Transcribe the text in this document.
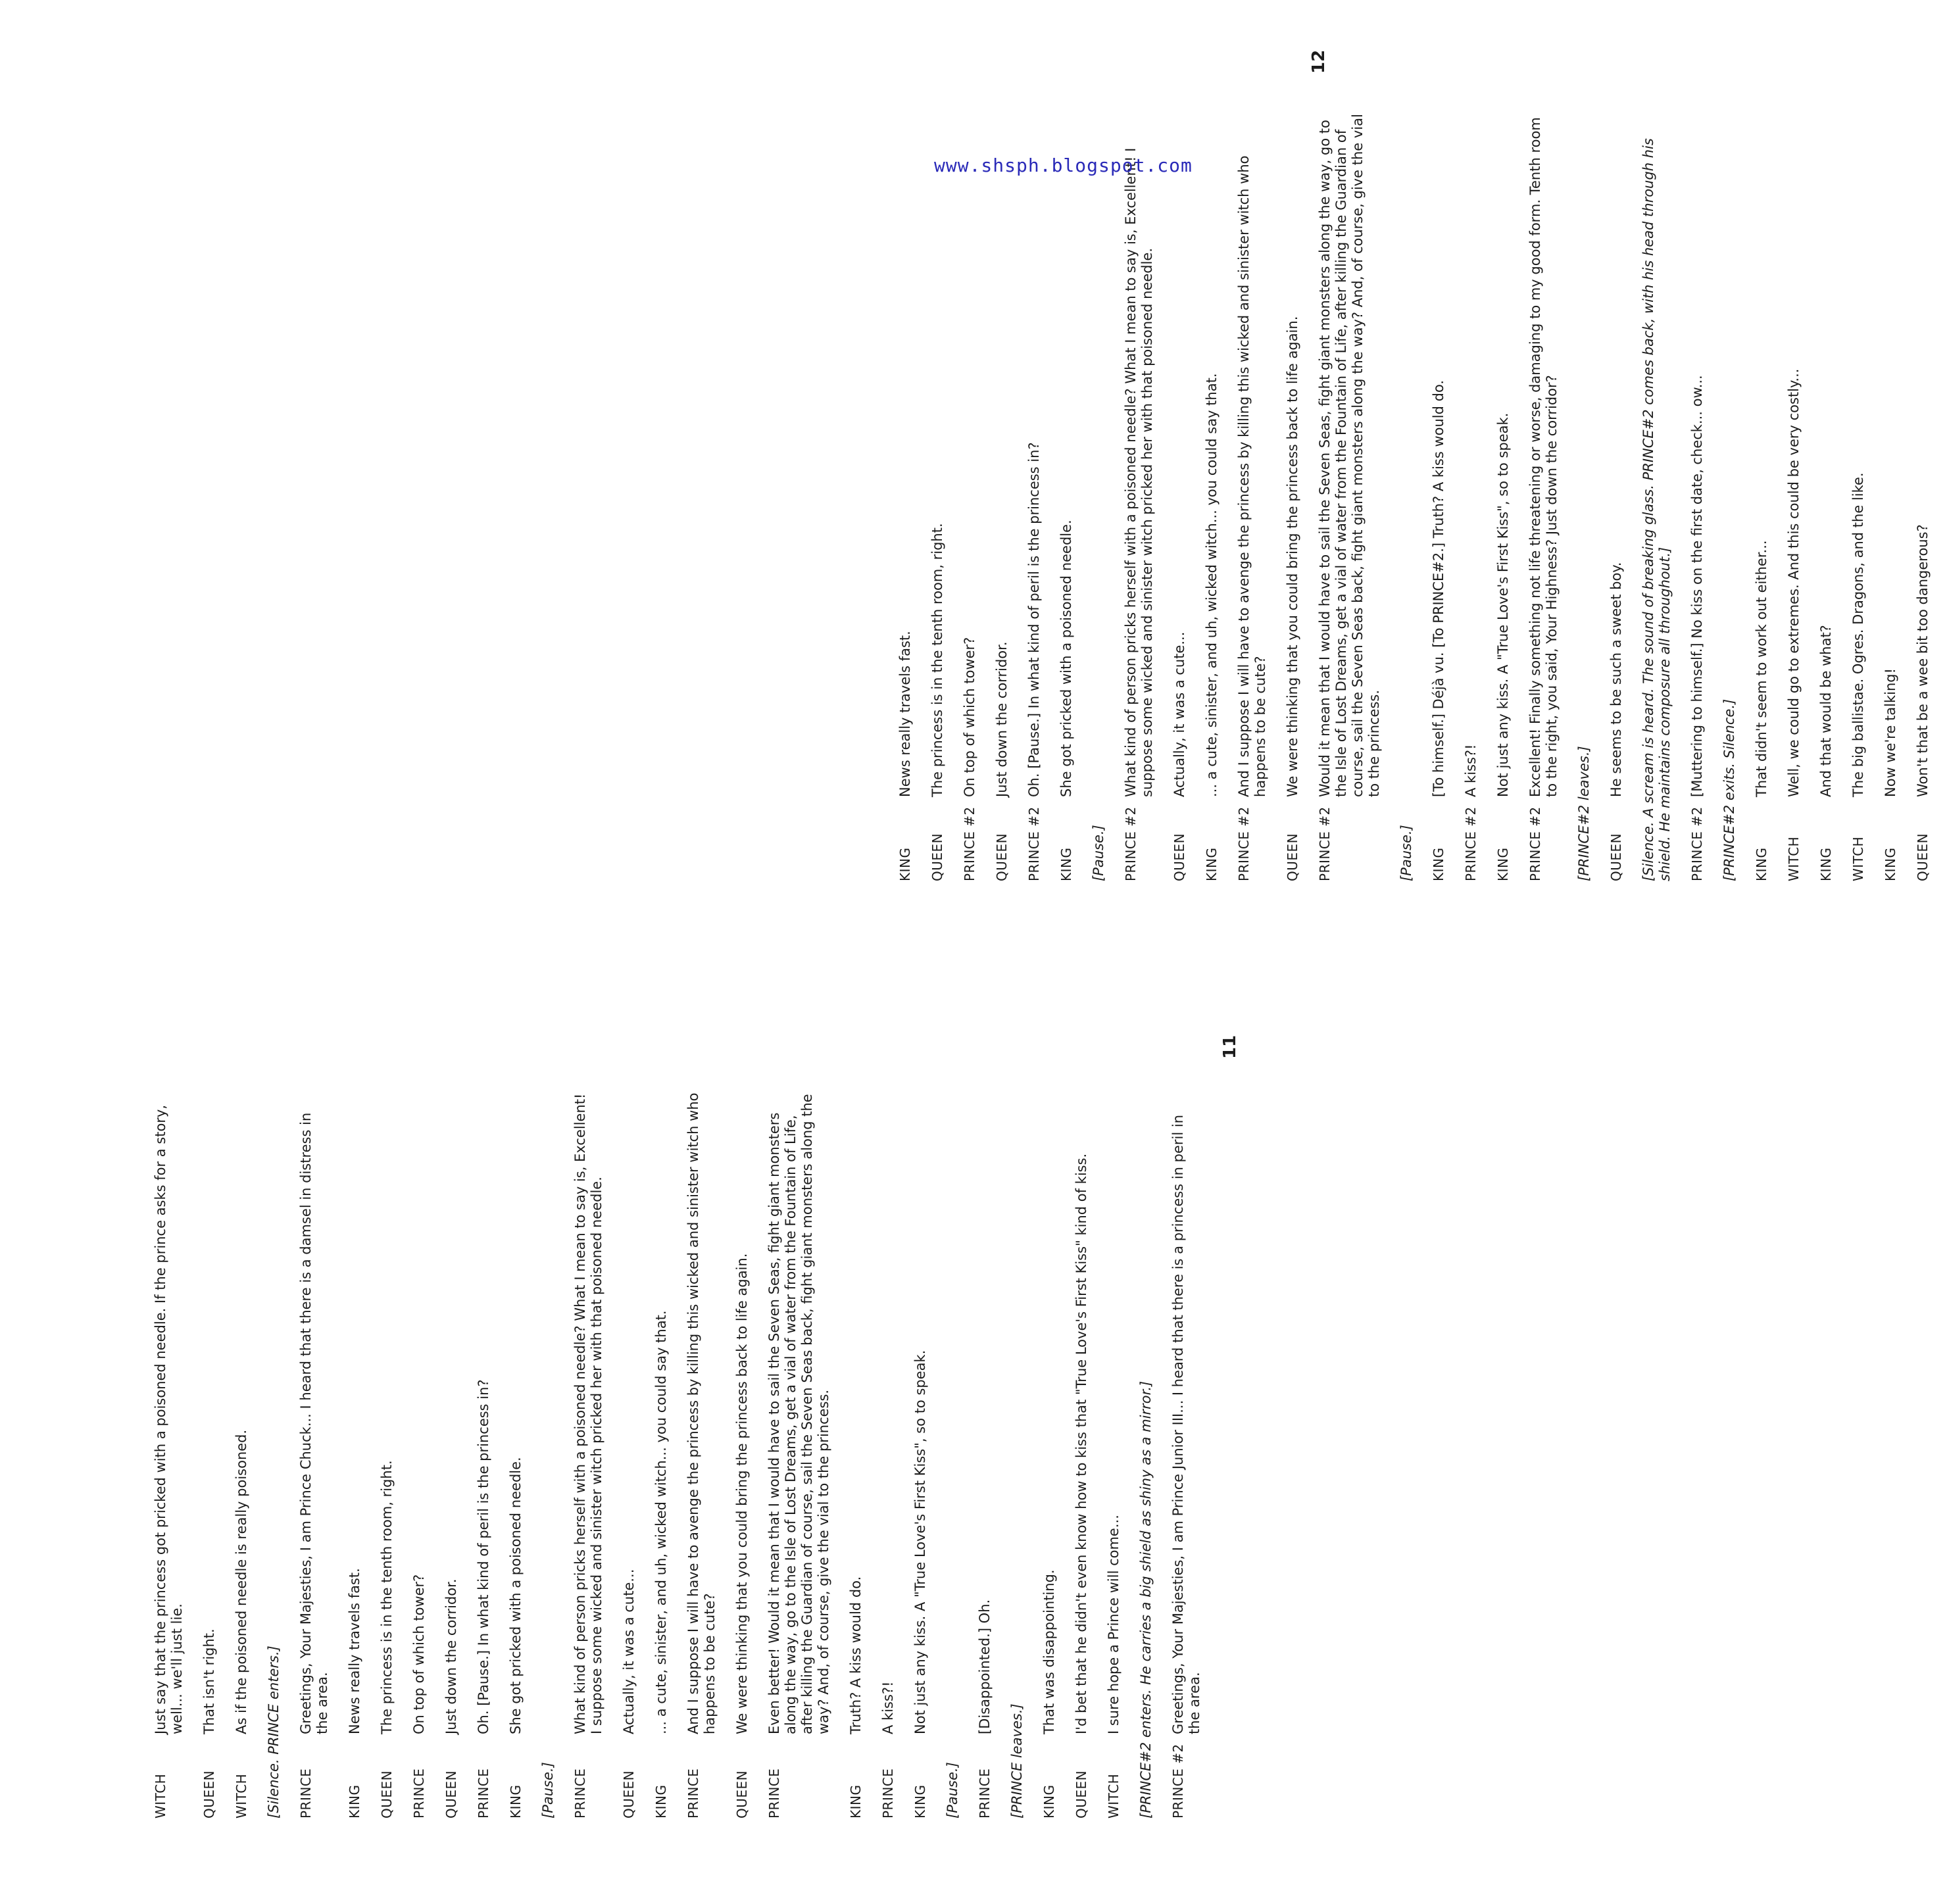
WITCH
Just say that the princess got pricked with a poisoned needle. If the prince asks for a story, well... we'll just lie.
QUEEN
That isn't right.
WITCH
As if the poisoned needle is really poisoned. [Silence. PRINCE enters.] PRINCE
Greetings, Your Majesties, I am Prince Chuck... I heard that there is a damsel in distress in the area.
KING
News really travels fast.
QUEEN
The princess is in the tenth room, right.
PRINCE
On top of which tower?
QUEEN
Just down the corridor.
PRINCE
Oh. [Pause.] In what kind of peril is the princess in?
KING
She got pricked with a poisoned needle.
[Pause.] PRINCE
What kind of person pricks herself with a poisoned needle? What I mean to say is, Excellent! I suppose some wicked and sinister witch pricked her with that poisoned needle.
QUEEN
Actually, it was a cute...
KING
... a cute, sinister, and uh, wicked witch... you could say that.
PRINCE
And I suppose I will have to avenge the princess by killing this wicked and sinister witch who happens to be cute?
QUEEN
We were thinking that you could bring the princess back to life again.
PRINCE
Even better! Would it mean that I would have to sail the Seven Seas, fight giant monsters along the way, go to the Isle of Lost Dreams, get a vial of water from the Fountain of Life, after killing the Guardian of course, sail the Seven Seas back, fight giant monsters along the way? And, of course, give the vial to the princess.
KING
Truth? A kiss would do.
PRINCE
A kiss?!
KING
Not just any kiss. A "True Love's First Kiss", so to speak.
[Pause.] PRINCE
[Disappointed.] Oh.
[PRINCE leaves.] KING
That was disappointing.
QUEEN
I'd bet that he didn't even know how to kiss that "True Love's First Kiss" kind of kiss.
WITCH
I sure hope a Prince will come... [PRINCE#2 enters. He carries a big shield as shiny as a mirror.] PRINCE #2
Greetings, Your Majesties, I am Prince Junior III... I heard that there is a princess in peril in the area.
11
KING
News really travels fast.
QUEEN
The princess is in the tenth room, right.
PRINCE #2
On top of which tower?
QUEEN
Just down the corridor.
PRINCE #2
Oh. [Pause.] In what kind of peril is the princess in?
KING
She got pricked with a poisoned needle.
[Pause.] PRINCE #2
What kind of person pricks herself with a poisoned needle? What I mean to say is, Excellent! I suppose some wicked and sinister witch pricked her with that poisoned needle.
QUEEN
Actually, it was a cute...
KING
... a cute, sinister, and uh, wicked witch... you could say that.
PRINCE #2
And I suppose I will have to avenge the princess by killing this wicked and sinister witch who happens to be cute?
QUEEN
We were thinking that you could bring the princess back to life again.
PRINCE #2
Would it mean that I would have to sail the Seven Seas, fight giant monsters along the way, go to the Isle of Lost Dreams, get a vial of water from the Fountain of Life, after killing the Guardian of course, sail the Seven Seas back, fight giant monsters along the way? And, of course, give the vial to the princess.
[Pause.] KING
[To himself.] Déjà vu. [To PRINCE#2.] Truth? A kiss would do.
PRINCE #2
A kiss?!
KING
Not just any kiss. A "True Love's First Kiss", so to speak.
PRINCE #2
Excellent! Finally something not life threatening or worse, damaging to my good form. Tenth room to the right, you said, Your Highness? Just down the corridor?
[PRINCE#2 leaves.] QUEEN
He seems to be such a sweet boy. [Silence. A scream is heard. The sound of breaking glass. PRINCE#2 comes back, with his head through his shield. He maintains composure all throughout.] PRINCE #2
[Muttering to himself.] No kiss on the first date, check... ow... [PRINCE#2 exits. Silence.] KING
That didn't seem to work out either...
WITCH
Well, we could go to extremes. And this could be very costly...
KING
And that would be what?
WITCH
The big ballistae. Ogres. Dragons, and the like.
KING
Now we're talking!
QUEEN
Won't that be a wee bit too dangerous?
12
www.shsph.blogspot.com
